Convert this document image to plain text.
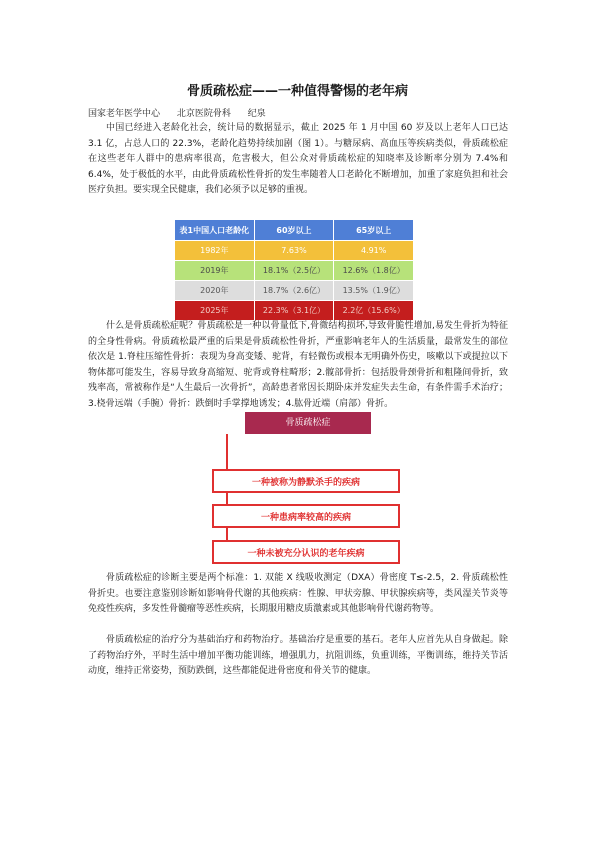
骨质疏松症——一种值得警惕的老年病
国家老年医学中心 北京医院骨科 纪泉

中国已经进入老龄化社会，统计局的数据显示，截止 2025 年 1 月中国 60 岁及以上老年人口已达 3.1 亿，占总人口的 22.3%，老龄化趋势持续加剧（图 1）。与糖尿病、高血压等疾病类似，骨质疏松症在这些老年人群中的患病率很高，危害极大，但公众对骨质疏松症的知晓率及诊断率分别为 7.4%和 6.4%，处于极低的水平，由此骨质疏松性骨折的发生率随着人口老龄化不断增加，加重了家庭负担和社会医疗负担。要实现全民健康，我们必须予以足够的重视。

表1中国人口老龄化	60岁以上	65岁以上
1982年	7.63%	4.91%
2019年	18.1%（2.5亿）	12.6%（1.8亿）
2020年	18.7%（2.6亿）	13.5%（1.9亿）
2025年	22.3%（3.1亿）	2.2亿（15.6%）

什么是骨质疏松症呢？骨质疏松是一种以骨量低下,骨微结构损坏,导致骨脆性增加,易发生骨折为特征的全身性骨病。骨质疏松最严重的后果是骨质疏松性骨折，严重影响老年人的生活质量，最常发生的部位依次是 1.脊柱压缩性骨折：表现为身高变矮、驼背，有轻微伤或根本无明确外伤史，咳嗽以下或提拉以下物体都可能发生，容易导致身高缩短、驼背或脊柱畸形；2.髋部骨折：包括股骨颈骨折和粗隆间骨折，致残率高，常被称作是“人生最后一次骨折”，高龄患者常因长期卧床并发症失去生命，有条件需手术治疗；3.桡骨远端（手腕）骨折：跌倒时手掌撑地诱发；4.肱骨近端（肩部）骨折。

骨质疏松症
一种被称为静默杀手的疾病
一种患病率较高的疾病
一种未被充分认识的老年疾病

骨质疏松症的诊断主要是两个标准：1. 双能 X 线吸收测定（DXA）骨密度 T≤-2.5，2. 骨质疏松性骨折史。也要注意鉴别诊断如影响骨代谢的其他疾病：性腺、甲状旁腺、甲状腺疾病等，类风湿关节炎等免疫性疾病，多发性骨髓瘤等恶性疾病，长期服用糖皮质激素或其他影响骨代谢药物等。

骨质疏松症的治疗分为基础治疗和药物治疗。基础治疗是重要的基石。老年人应首先从自身做起。除了药物治疗外，平时生活中增加平衡功能训练，增强肌力，抗阻训练，负重训练，平衡训练，维持关节活动度，维持正常姿势，预防跌倒，这些都能促进骨密度和骨关节的健康。
